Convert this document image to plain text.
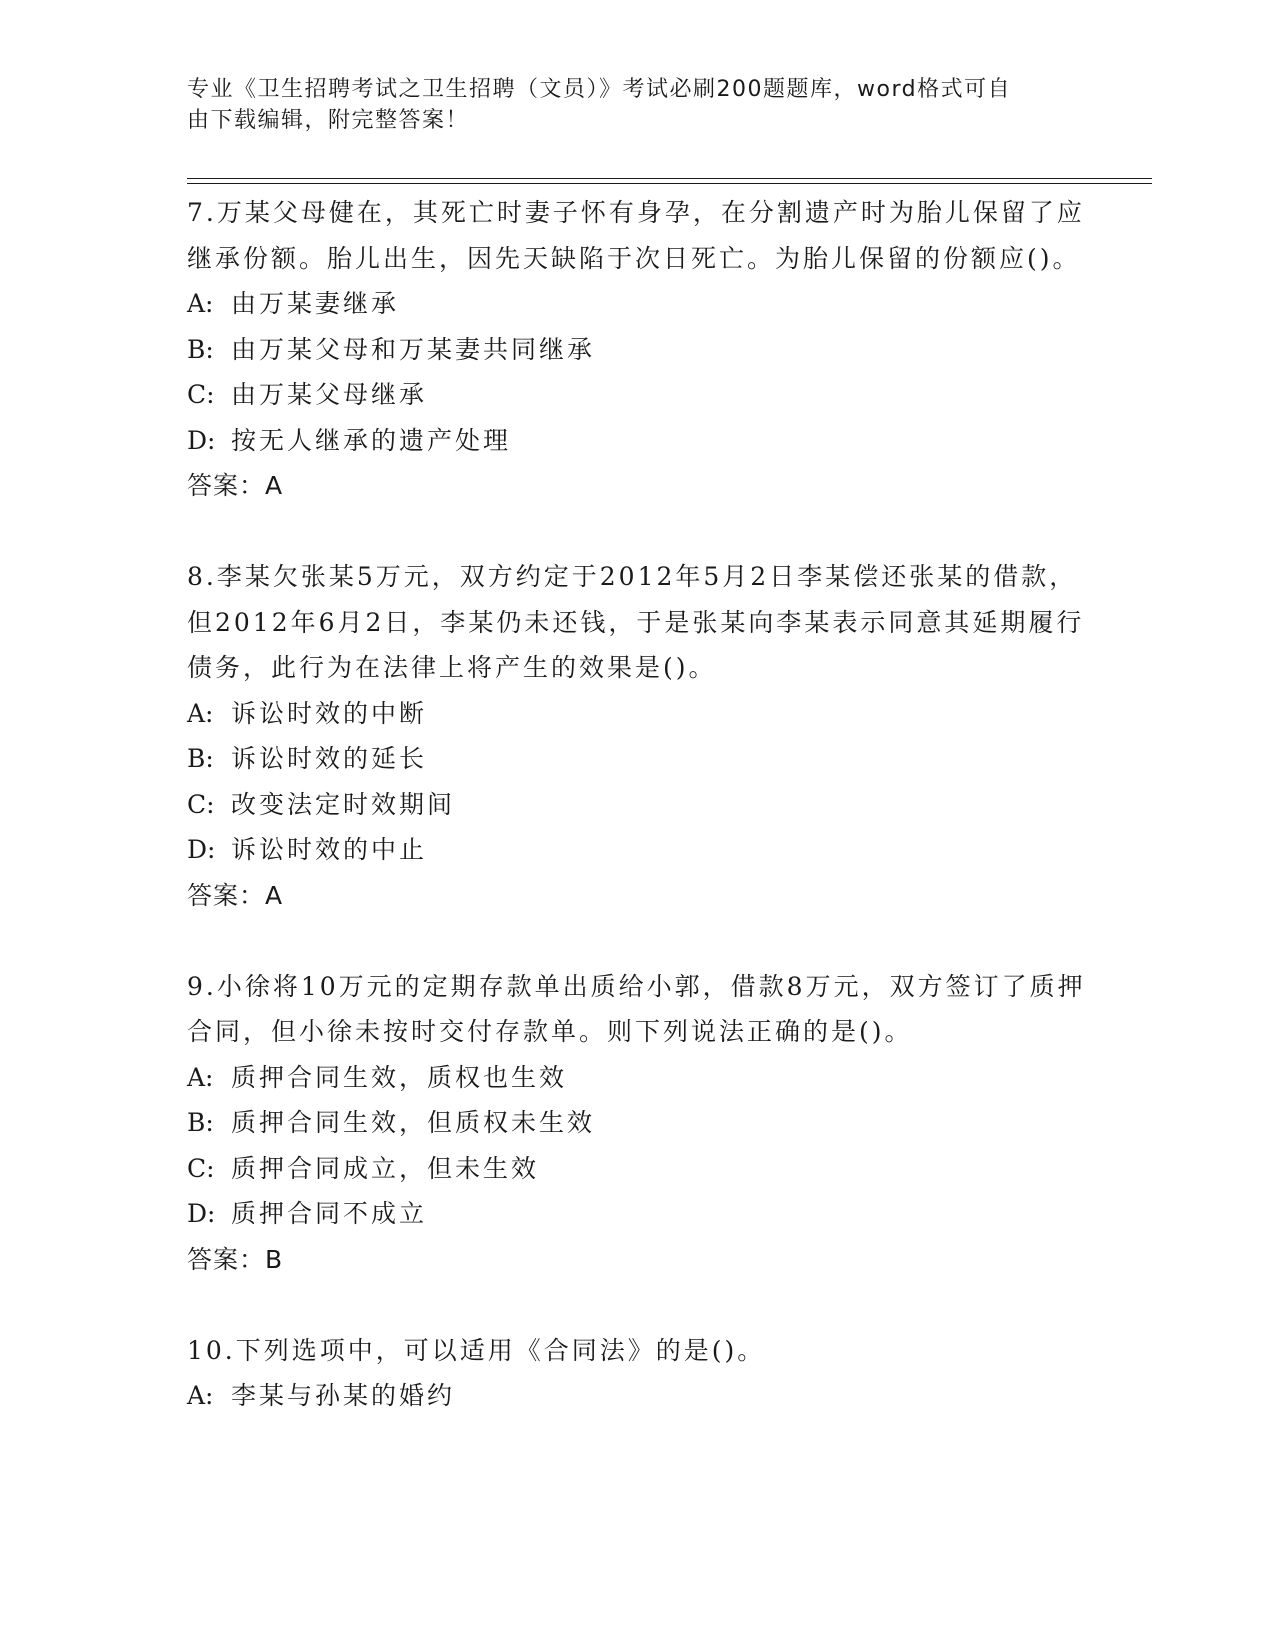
专业《卫生招聘考试之卫生招聘（文员）》考试必刷200题题库，word格式可自
由下载编辑，附完整答案！

7.万某父母健在，其死亡时妻子怀有身孕，在分割遗产时为胎儿保留了应继承份额。胎儿出生，因先天缺陷于次日死亡。为胎儿保留的份额应()。

A: 由万某妻继承

B: 由万某父母和万某妻共同继承

C: 由万某父母继承

D: 按无人继承的遗产处理

答案：A

8.李某欠张某5万元，双方约定于2012年5月2日李某偿还张某的借款，但2012年6月2日，李某仍未还钱，于是张某向李某表示同意其延期履行债务，此行为在法律上将产生的效果是()。

A: 诉讼时效的中断

B: 诉讼时效的延长

C: 改变法定时效期间

D: 诉讼时效的中止

答案：A

9.小徐将10万元的定期存款单出质给小郭，借款8万元，双方签订了质押合同，但小徐未按时交付存款单。则下列说法正确的是()。

A: 质押合同生效，质权也生效

B: 质押合同生效，但质权未生效

C: 质押合同成立，但未生效

D: 质押合同不成立

答案：B

10.下列选项中，可以适用《合同法》的是()。

A: 李某与孙某的婚约
